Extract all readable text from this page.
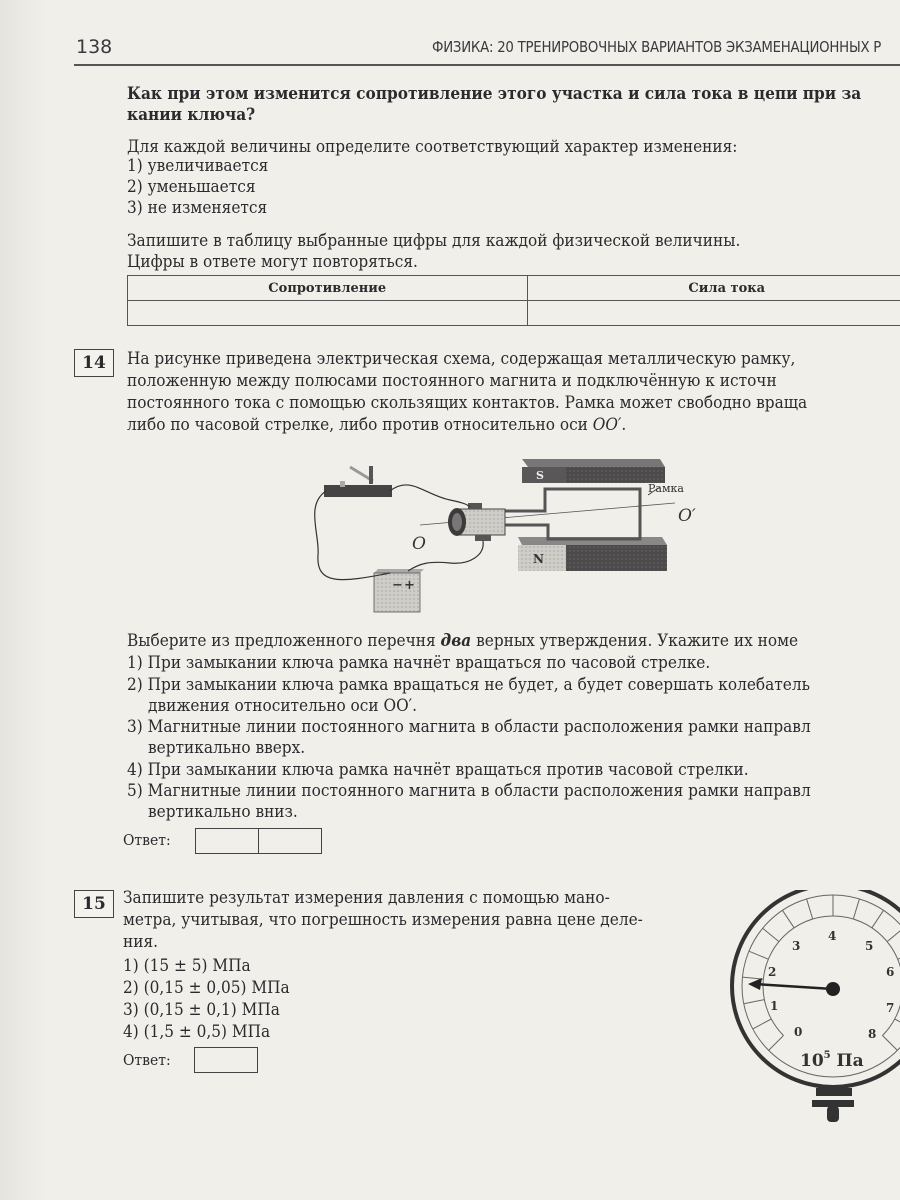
138	ФИЗИКА: 20 ТРЕНИРОВОЧНЫХ ВАРИАНТОВ ЭКЗАМЕНАЦИОННЫХ Р
Как при этом изменится сопротивление этого участка и сила тока в цепи при за
кании ключа?
Для каждой величины определите соответствующий характер изменения:
1) увеличивается
2) уменьшается
3) не изменяется
Запишите в таблицу выбранные цифры для каждой физической величины.
Цифры в ответе могут повторяться.
Сопротивление	Сила тока

14	На рисунке приведена электрическая схема, содержащая металлическую рамку,
положенную между полюсами постоянного магнита и подключённую к источн
постоянного тока с помощью скользящих контактов. Рамка может свободно враща
либо по часовой стрелке, либо против относительно оси OO′.
S
N
− +
Рамка
O′
O
Выберите из предложенного перечня два верных утверждения. Укажите их номе
1) При замыкании ключа рамка начнёт вращаться по часовой стрелке.
2) При замыкании ключа рамка вращаться не будет, а будет совершать колебатель
движения относительно оси OO′.
3) Магнитные линии постоянного магнита в области расположения рамки направл
вертикально вверх.
4) При замыкании ключа рамка начнёт вращаться против часовой стрелки.
5) Магнитные линии постоянного магнита в области расположения рамки направл
вертикально вниз.
Ответ:
15	Запишите результат измерения давления с помощью мано-
метра, учитывая, что погрешность измерения равна цене деле-
ния.
1) (15 ± 5) МПа
2) (0,15 ± 0,05) МПа
3) (0,15 ± 0,1) МПа
4) (1,5 ± 0,5) МПа
Ответ:
0
1
2
3
4
5
6
7
8
$10^5$ Па
